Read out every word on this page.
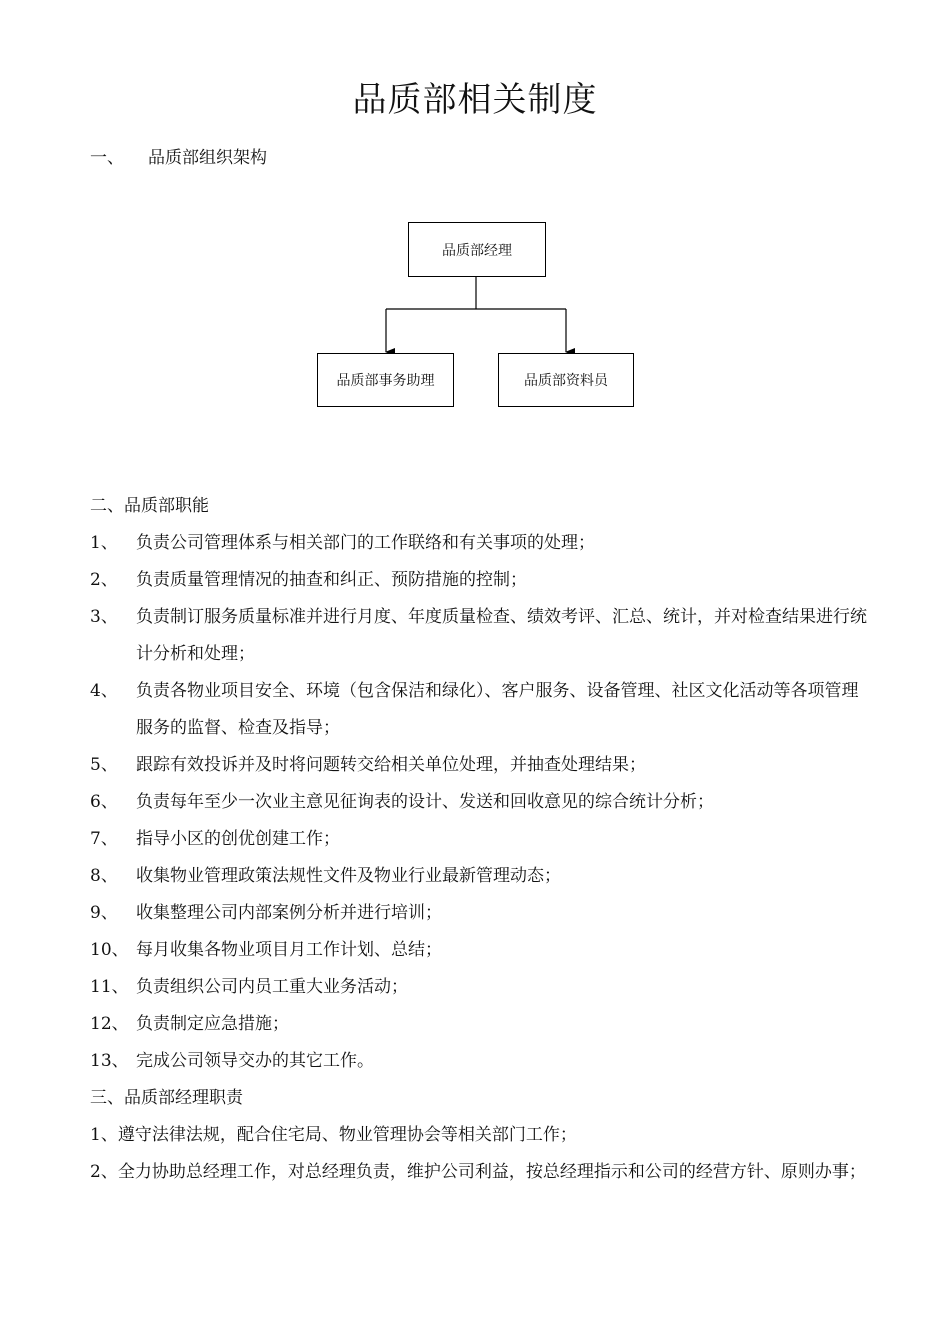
品质部相关制度
一、 品质部组织架构
品质部经理
品质部事务助理	品质部资料员
二、品质部职能
1、	负责公司管理体系与相关部门的工作联络和有关事项的处理；
2、	负责质量管理情况的抽查和纠正、预防措施的控制；
3、	负责制订服务质量标准并进行月度、年度质量检查、绩效考评、汇总、统计，并对检查结果进行统计分析和处理；
4、	负责各物业项目安全、环境（包含保洁和绿化）、客户服务、设备管理、社区文化活动等各项管理服务的监督、检查及指导；
5、	跟踪有效投诉并及时将问题转交给相关单位处理，并抽查处理结果；
6、	负责每年至少一次业主意见征询表的设计、发送和回收意见的综合统计分析；
7、	指导小区的创优创建工作；
8、	收集物业管理政策法规性文件及物业行业最新管理动态；
9、	收集整理公司内部案例分析并进行培训；
10、 每月收集各物业项目月工作计划、总结；
11、 负责组织公司内员工重大业务活动；
12、 负责制定应急措施；
13、 完成公司领导交办的其它工作。
三、品质部经理职责
1、遵守法律法规，配合住宅局、物业管理协会等相关部门工作；
2、全力协助总经理工作，对总经理负责，维护公司利益，按总经理指示和公司的经营方针、原则办事；
